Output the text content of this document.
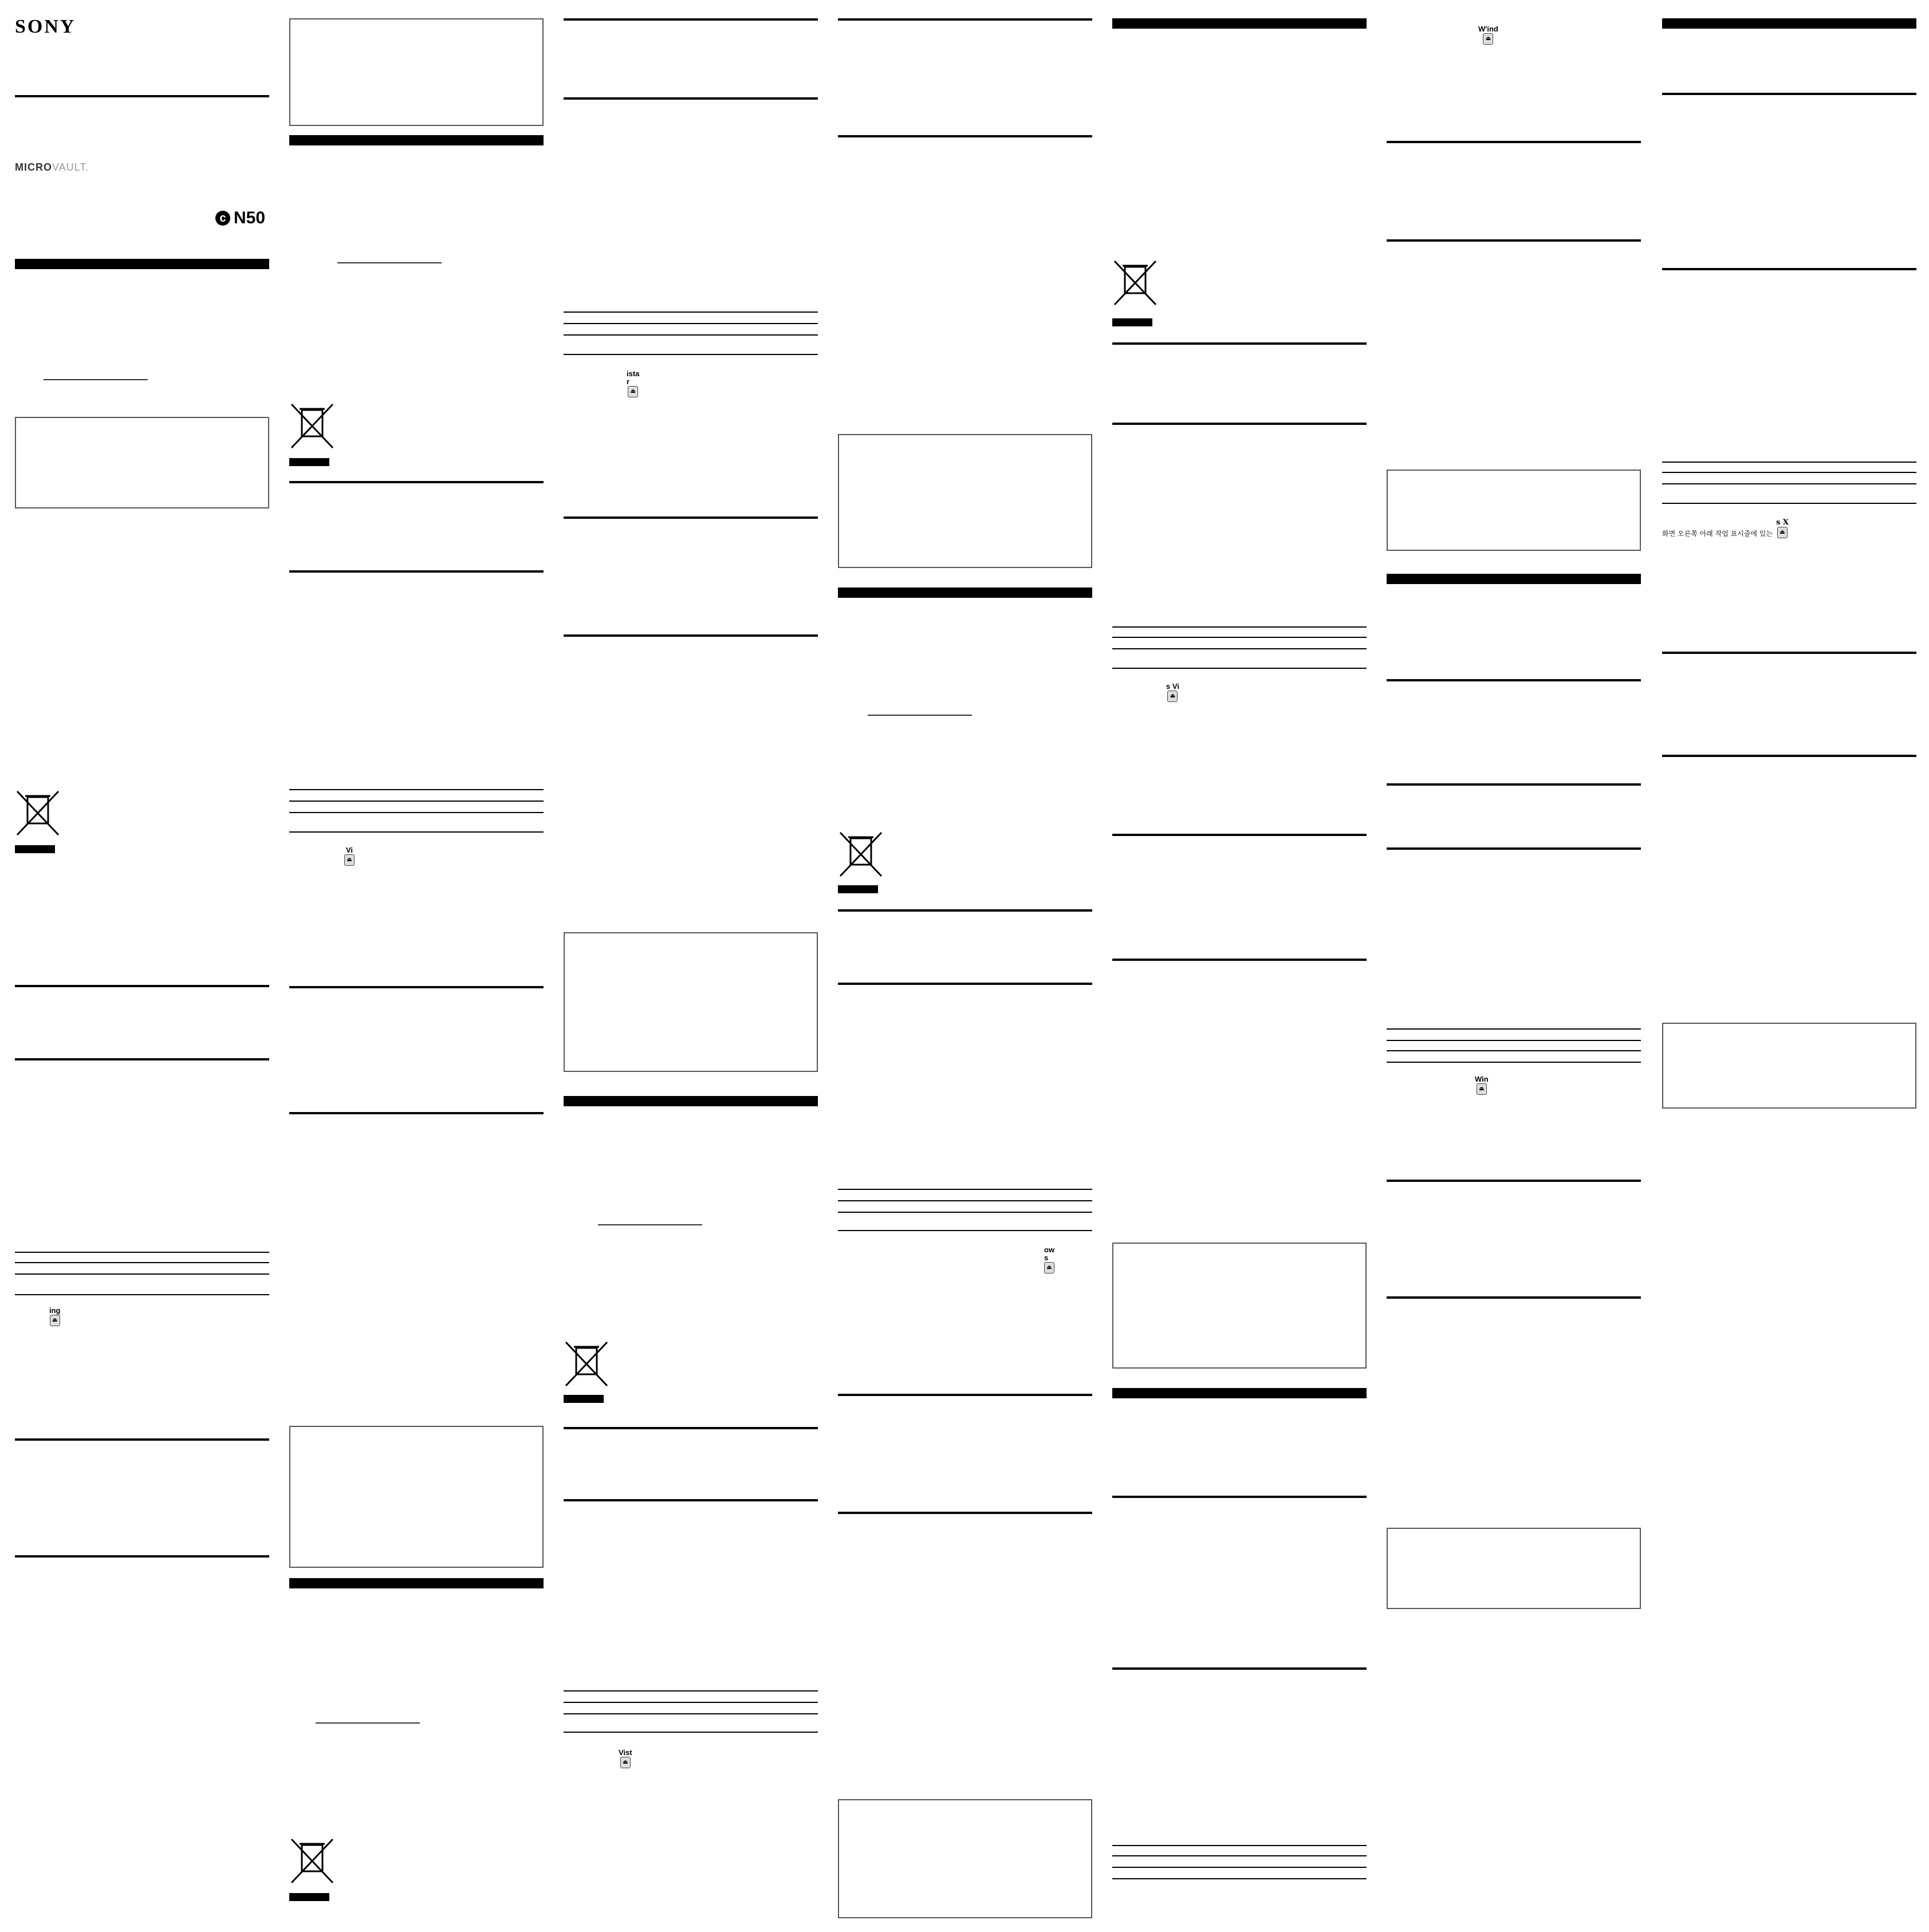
SONY
MICROVAULT.
c N50
ing
⏏
Vi
⏏
ista
r
⏏
Vist
⏏
ow
s
⏏
s Vi
⏏
W'ind
⏏
Win
⏏
화면 오른쪽 아래 작업 표시줄에 있는
s X
⏏
